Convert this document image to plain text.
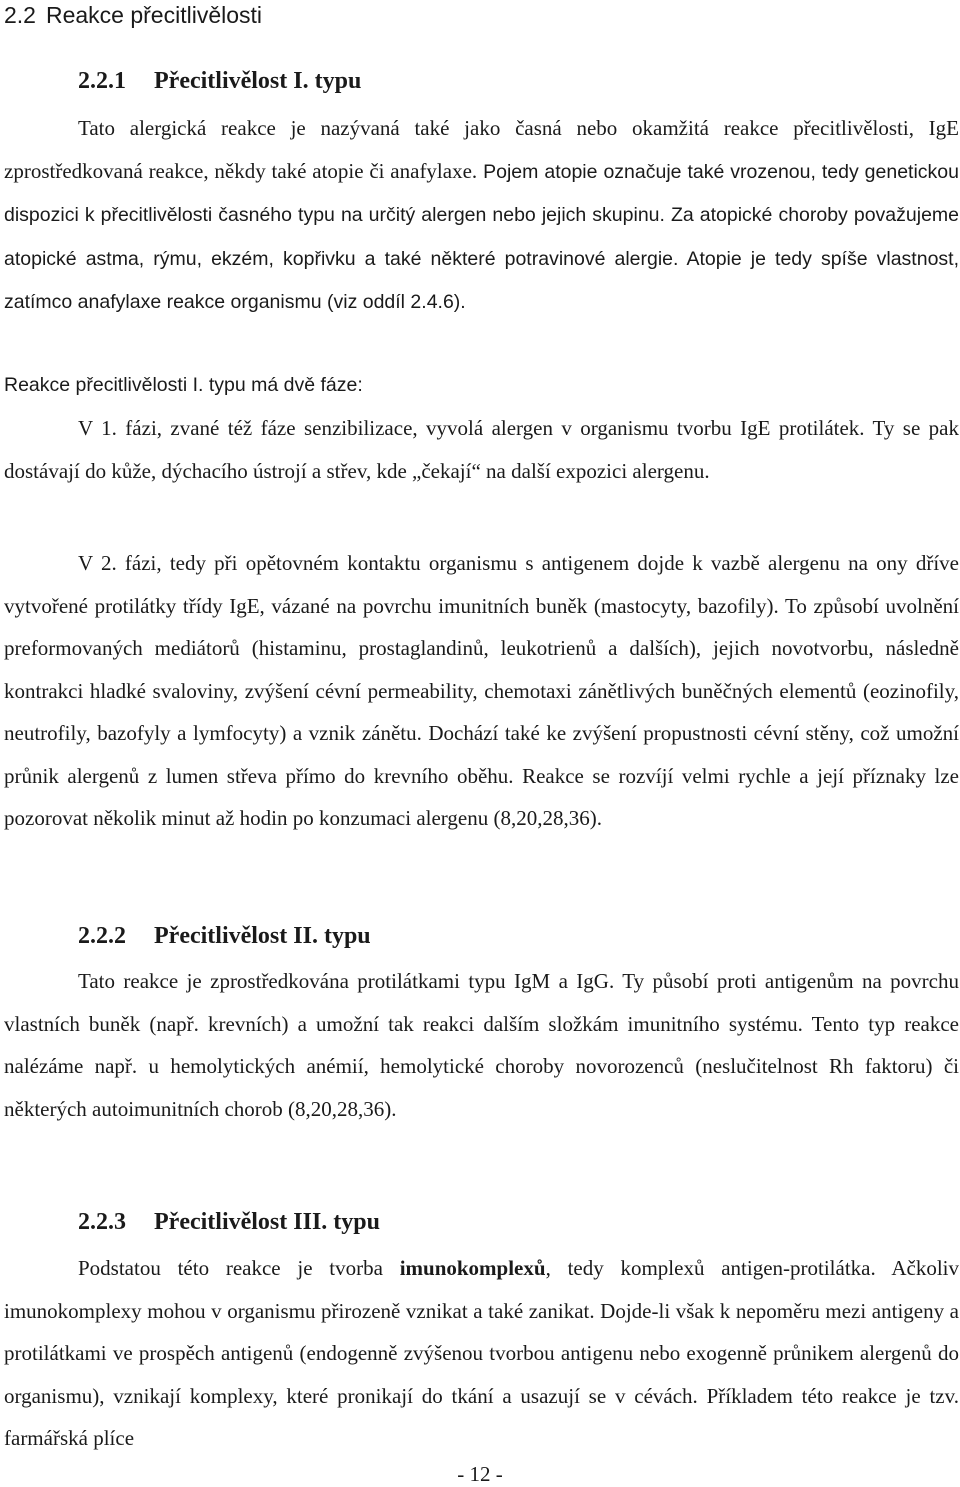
2.2 Reakce přecitlivělosti
2.2.1 Přecitlivělost I. typu

Tato alergická reakce je nazývaná také jako časná nebo okamžitá reakce přecitlivělosti, IgE zprostředkovaná reakce, někdy také atopie či anafylaxe. Pojem atopie označuje také vrozenou, tedy genetickou dispozici k přecitlivělosti časného typu na určitý alergen nebo jejich skupinu. Za atopické choroby považujeme atopické astma, rýmu, ekzém, kopřivku a také některé potravinové alergie. Atopie je tedy spíše vlastnost, zatímco anafylaxe reakce organismu (viz oddíl 2.4.6).

Reakce přecitlivělosti I. typu má dvě fáze:

V 1. fázi, zvané též fáze senzibilizace, vyvolá alergen v organismu tvorbu IgE protilátek. Ty se pak dostávají do kůže, dýchacího ústrojí a střev, kde „čekají“ na další expozici alergenu.

V 2. fázi, tedy při opětovném kontaktu organismu s antigenem dojde k vazbě alergenu na ony dříve vytvořené protilátky třídy IgE, vázané na povrchu imunitních buněk (mastocyty, bazofily). To způsobí uvolnění preformovaných mediátorů (histaminu, prostaglandinů, leukotrienů a dalších), jejich novotvorbu, následně kontrakci hladké svaloviny, zvýšení cévní permeability, chemotaxi zánětlivých buněčných elementů (eozinofily, neutrofily, bazofyly a lymfocyty) a vznik zánětu. Dochází také ke zvýšení propustnosti cévní stěny, což umožní průnik alergenů z lumen střeva přímo do krevního oběhu. Reakce se rozvíjí velmi rychle a její příznaky lze pozorovat několik minut až hodin po konzumaci alergenu (8,20,28,36).

2.2.2 Přecitlivělost II. typu

Tato reakce je zprostředkována protilátkami typu IgM a IgG. Ty působí proti antigenům na povrchu vlastních buněk (např. krevních) a umožní tak reakci dalším složkám imunitního systému. Tento typ reakce nalézáme např. u hemolytických anémií, hemolytické choroby novorozenců (neslučitelnost Rh faktoru) či některých autoimunitních chorob (8,20,28,36).

2.2.3 Přecitlivělost III. typu

Podstatou této reakce je tvorba imunokomplexů, tedy komplexů antigen-protilátka. Ačkoliv imunokomplexy mohou v organismu přirozeně vznikat a také zanikat. Dojde-li však k nepoměru mezi antigeny a protilátkami ve prospěch antigenů (endogenně zvýšenou tvorbou antigenu nebo exogenně průnikem alergenů do organismu), vznikají komplexy, které pronikají do tkání a usazují se v cévách. Příkladem této reakce je tzv. farmářská plíce

- 12 -
